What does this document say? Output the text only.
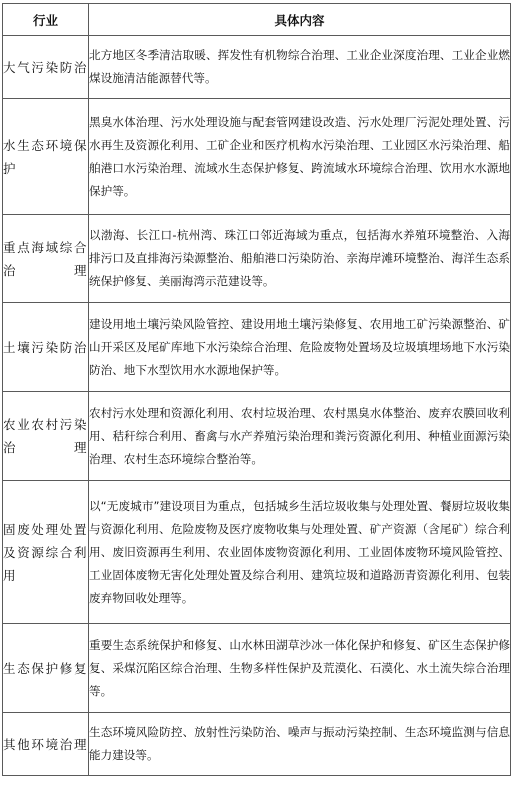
行业	具体内容
大气污染防治	北方地区冬季清洁取暖、挥发性有机物综合治理、工业企业深度治理、工业企业燃煤设施清洁能源替代等。
水生态环境保护	黑臭水体治理、污水处理设施与配套管网建设改造、污水处理厂污泥处理处置、污水再生及资源化利用、工矿企业和医疗机构水污染治理、工业园区水污染治理、船舶港口水污染治理、流域水生态保护修复、跨流域水环境综合治理、饮用水水源地保护等。
重点海域综合治理	以渤海、长江口-杭州湾、珠江口邻近海域为重点，包括海水养殖环境整治、入海排污口及直排海污染源整治、船舶港口污染防治、亲海岸滩环境整治、海洋生态系统保护修复、美丽海湾示范建设等。
土壤污染防治	建设用地土壤污染风险管控、建设用地土壤污染修复、农用地工矿污染源整治、矿山开采区及尾矿库地下水污染综合治理、危险废物处置场及垃圾填埋场地下水污染防治、地下水型饮用水水源地保护等。
农业农村污染治理	农村污水处理和资源化利用、农村垃圾治理、农村黑臭水体整治、废弃农膜回收利用、秸秆综合利用、畜禽与水产养殖污染治理和粪污资源化利用、种植业面源污染治理、农村生态环境综合整治等。
固废处理处置及资源综合利用	以“无废城市”建设项目为重点，包括城乡生活垃圾收集与处理处置、餐厨垃圾收集与资源化利用、危险废物及医疗废物收集与处理处置、矿产资源（含尾矿）综合利用、废旧资源再生利用、农业固体废物资源化利用、工业固体废物环境风险管控、工业固体废物无害化处理处置及综合利用、建筑垃圾和道路沥青资源化利用、包装废弃物回收处理等。
生态保护修复	重要生态系统保护和修复、山水林田湖草沙冰一体化保护和修复、矿区生态保护修复、采煤沉陷区综合治理、生物多样性保护及荒漠化、石漠化、水土流失综合治理等。
其他环境治理	生态环境风险防控、放射性污染防治、噪声与振动污染控制、生态环境监测与信息能力建设等。
